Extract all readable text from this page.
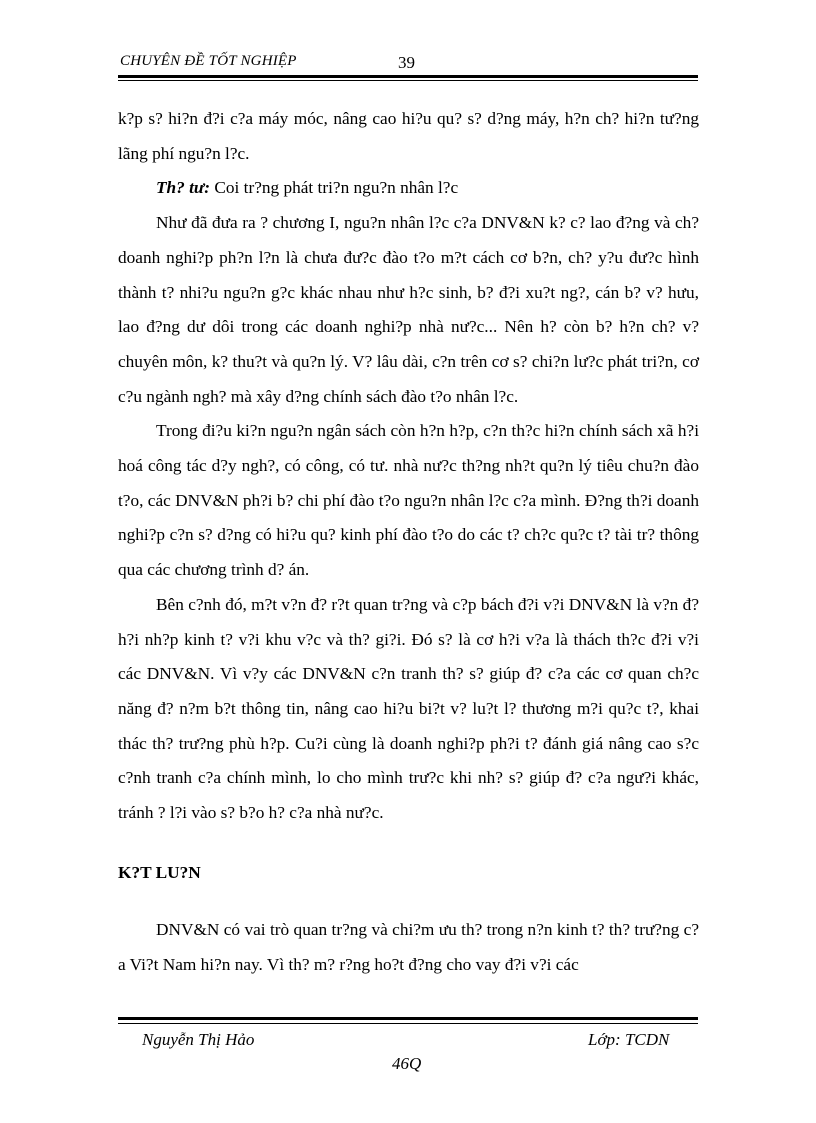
CHUYÊN ĐỀ TỐT NGHIỆP	39

k?p s? hi?n đ?i c?a máy móc, nâng cao hi?u qu? s? d?ng máy, h?n ch? hi?n tư?ng lãng phí ngu?n l?c.

Th? tư: Coi tr?ng phát tri?n ngu?n nhân l?c

Như đã đưa ra ? chương I, ngu?n nhân l?c c?a DNV&N k? c? lao đ?ng và ch? doanh nghi?p ph?n l?n là chưa đư?c đào t?o m?t cách cơ b?n, ch? y?u đư?c hình thành t? nhi?u ngu?n g?c khác nhau như h?c sinh, b? đ?i xu?t ng?, cán b? v? hưu, lao đ?ng dư dôi trong các doanh nghi?p nhà nư?c... Nên h? còn b? h?n ch? v? chuyên môn, k? thu?t và qu?n lý. V? lâu dài, c?n trên cơ s? chi?n lư?c phát tri?n, cơ c?u ngành ngh? mà xây d?ng chính sách đào t?o nhân l?c.

Trong đi?u ki?n ngu?n ngân sách còn h?n h?p, c?n th?c hi?n chính sách xã h?i hoá công tác d?y ngh?, có công, có tư. nhà nư?c th?ng nh?t qu?n lý tiêu chu?n đào t?o, các DNV&N ph?i b? chi phí đào t?o ngu?n nhân l?c c?a mình. Đ?ng th?i doanh nghi?p c?n s? d?ng có hi?u qu? kinh phí đào t?o do các t? ch?c qu?c t? tài tr? thông qua các chương trình d? án.

Bên c?nh đó, m?t v?n đ? r?t quan tr?ng và c?p bách đ?i v?i DNV&N là v?n đ? h?i nh?p kinh t? v?i khu v?c và th? gi?i. Đó s? là cơ h?i v?a là thách th?c đ?i v?i các DNV&N. Vì v?y các DNV&N c?n tranh th? s? giúp đ? c?a các cơ quan ch?c năng đ? n?m b?t thông tin, nâng cao hi?u bi?t v? lu?t l? thương m?i qu?c t?, khai thác th? trư?ng phù h?p. Cu?i cùng là doanh nghi?p ph?i t? đánh giá nâng cao s?c c?nh tranh c?a chính mình, lo cho mình trư?c khi nh? s? giúp đ? c?a ngư?i khác, tránh ? l?i vào s? b?o h? c?a nhà nư?c.

K?T LU?N

DNV&N có vai trò quan tr?ng và chi?m ưu th? trong n?n kinh t? th? trư?ng c?a Vi?t Nam hi?n nay. Vì th? m? r?ng ho?t đ?ng cho vay đ?i v?i các

Nguyễn Thị Hảo	Lớp: TCDN
46Q
